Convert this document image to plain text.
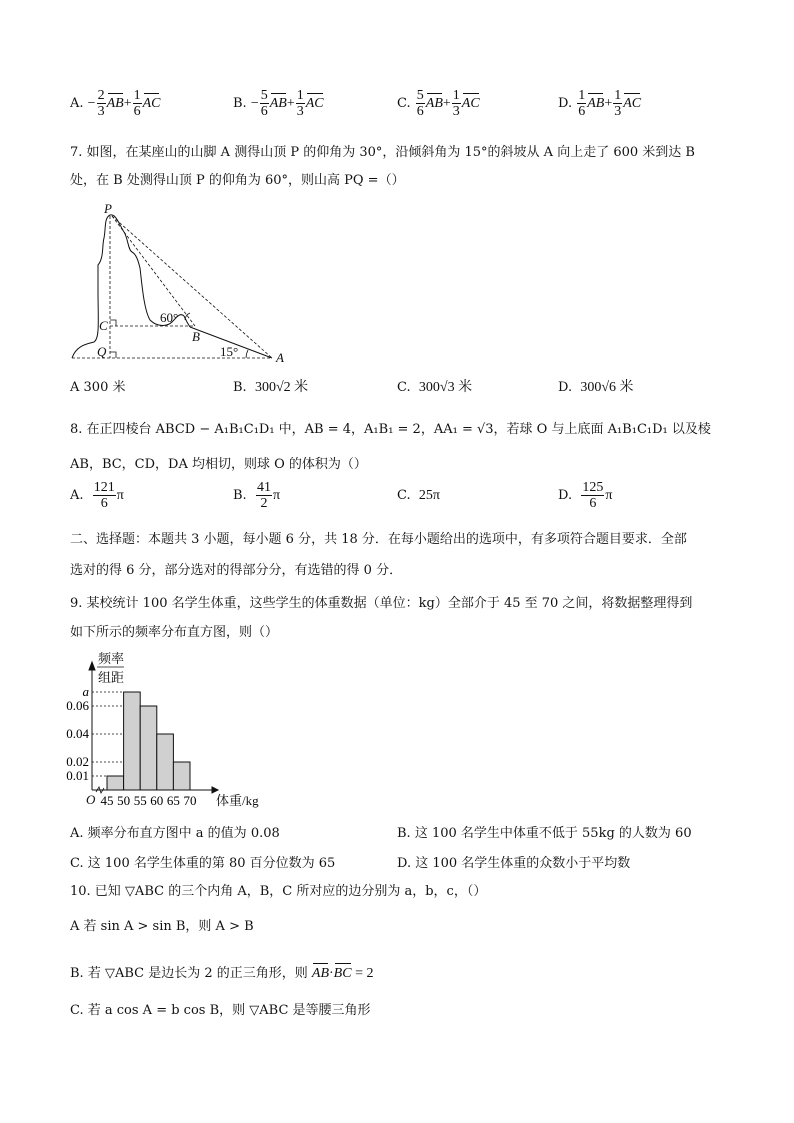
A. − $\frac{2}{3} AB+ \frac{1}{6}$ AC	B. − $\frac{5}{6} AB+ \frac{1}{3}$ AC	C. $\frac{5}{6} AB+ \frac{1}{3}$ AC	D. $\frac{1}{6} AB+ \frac{1}{3}$ AC
7. 如图，在某座山的山脚 A 测得山顶 P 的仰角为 30°，沿倾斜角为 15°的斜坡从 A 向上走了 600 米到达 B
处，在 B 处测得山顶 P 的仰角为 60°，则山高 PQ =（）
P
C
Q
B
A
60°
15°
A 300 米	B. 300√2 米	C. 300√3 米	D. 300√6 米
8. 在正四棱台 ABCD − A₁B₁C₁D₁ 中，AB = 4，A₁B₁ = 2，AA₁ = √3，若球 O 与上底面 A₁B₁C₁D₁ 以及棱
AB，BC，CD，DA 均相切，则球 O 的体积为（）
A. $\frac{121}{6}$ π	B. $\frac{41}{2}$ π	C. 25π	D. $\frac{125}{6}$ π
二、选择题：本题共 3 小题，每小题 6 分，共 18 分．在每小题给出的选项中，有多项符合题目要求．全部
选对的得 6 分，部分选对的得部分分，有选错的得 0 分．
9. 某校统计 100 名学生体重，这些学生的体重数据（单位：kg）全部介于 45 至 70 之间，将数据整理得到
如下所示的频率分布直方图，则（）
频率
组距
O	体重/kg
0.01
0.02
0.04
0.06
a
45 50 55 60 65 70
A. 频率分布直方图中 a 的值为 0.08	B. 这 100 名学生中体重不低于 55kg 的人数为 60
C. 这 100 名学生体重的第 80 百分位数为 65	D. 这 100 名学生体重的众数小于平均数
10. 已知 ▽ABC 的三个内角 A，B，C 所对应的边分别为 a，b，c，（）
A 若 sin A > sin B，则 A > B
B. 若 ▽ABC 是边长为 2 的正三角形，则 AB·BC = 2
C. 若 a cos A = b cos B，则 ▽ABC 是等腰三角形
